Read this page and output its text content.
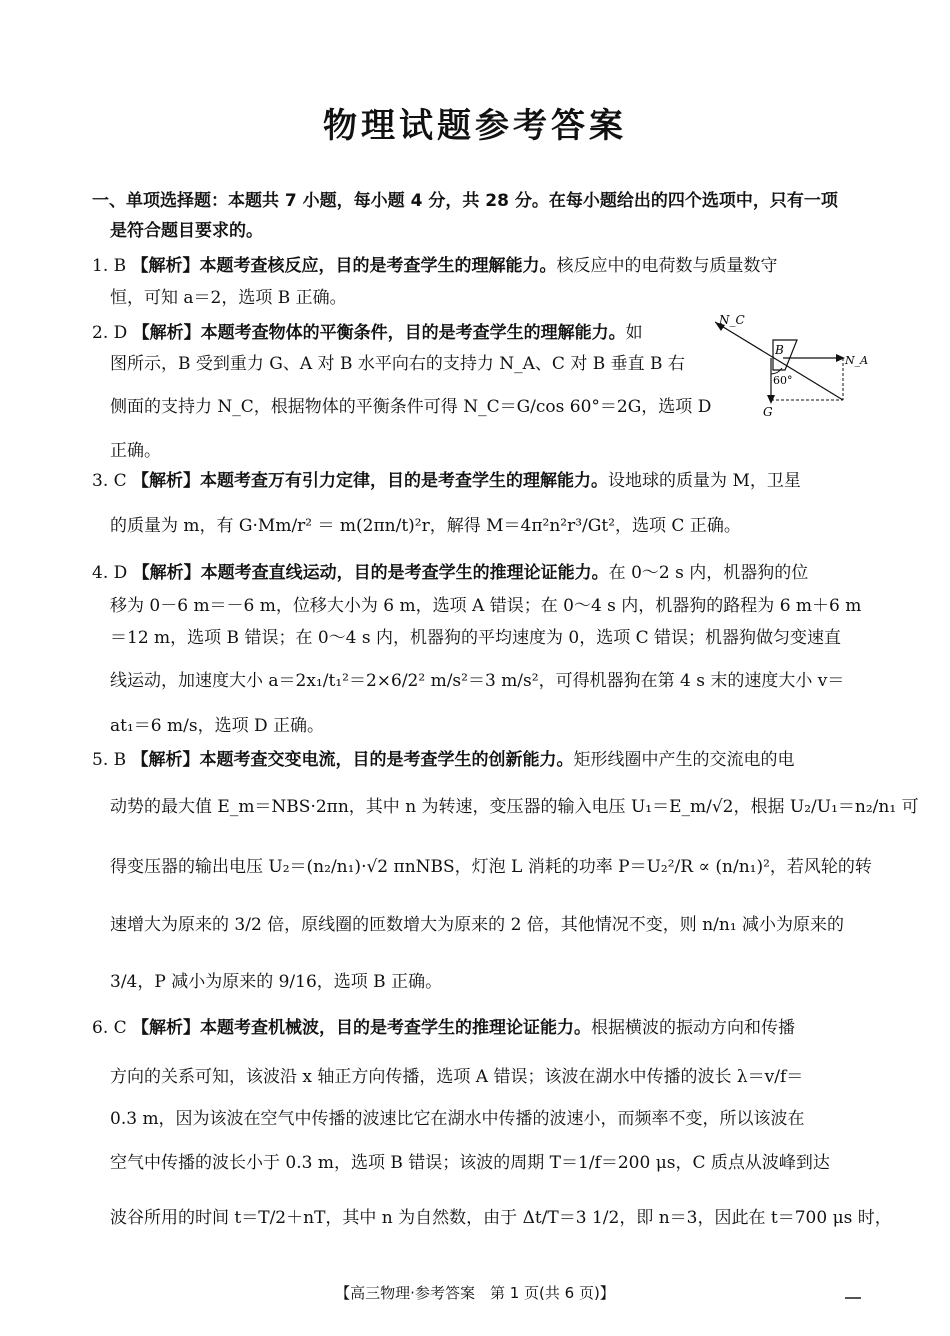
物理试题参考答案
一、单项选择题：本题共 7 小题，每小题 4 分，共 28 分。在每小题给出的四个选项中，只有一项
是符合题目要求的。
1. B 【解析】本题考查核反应，目的是考查学生的理解能力。核反应中的电荷数与质量数守
恒，可知 a＝2，选项 B 正确。
2. D 【解析】本题考查物体的平衡条件，目的是考查学生的理解能力。如
图所示，B 受到重力 G、A 对 B 水平向右的支持力 N_A、C 对 B 垂直 B 右
侧面的支持力 N_C，根据物体的平衡条件可得 N_C＝G/cos 60°＝2G，选项 D
正确。
N_C
B
N_A
60°
G
3. C 【解析】本题考查万有引力定律，目的是考查学生的理解能力。设地球的质量为 M，卫星
的质量为 m，有 G·Mm/r² ＝ m(2πn/t)²r，解得 M＝4π²n²r³/Gt²，选项 C 正确。
4. D 【解析】本题考查直线运动，目的是考查学生的推理论证能力。在 0～2 s 内，机器狗的位
移为 0－6 m＝－6 m，位移大小为 6 m，选项 A 错误；在 0～4 s 内，机器狗的路程为 6 m＋6 m
＝12 m，选项 B 错误；在 0～4 s 内，机器狗的平均速度为 0，选项 C 错误；机器狗做匀变速直
线运动，加速度大小 a＝2x₁/t₁²＝2×6/2² m/s²＝3 m/s²，可得机器狗在第 4 s 末的速度大小 v＝
at₁＝6 m/s，选项 D 正确。
5. B 【解析】本题考查交变电流，目的是考查学生的创新能力。矩形线圈中产生的交流电的电
动势的最大值 E_m＝NBS·2πn，其中 n 为转速，变压器的输入电压 U₁＝E_m/√2，根据 U₂/U₁＝n₂/n₁ 可
得变压器的输出电压 U₂＝(n₂/n₁)·√2 πnNBS，灯泡 L 消耗的功率 P＝U₂²/R ∝ (n/n₁)²，若风轮的转
速增大为原来的 3/2 倍，原线圈的匝数增大为原来的 2 倍，其他情况不变，则 n/n₁ 减小为原来的
3/4，P 减小为原来的 9/16，选项 B 正确。
6. C 【解析】本题考查机械波，目的是考查学生的推理论证能力。根据横波的振动方向和传播
方向的关系可知，该波沿 x 轴正方向传播，选项 A 错误；该波在湖水中传播的波长 λ＝v/f＝
0.3 m，因为该波在空气中传播的波速比它在湖水中传播的波速小，而频率不变，所以该波在
空气中传播的波长小于 0.3 m，选项 B 错误；该波的周期 T＝1/f＝200 μs，C 质点从波峰到达
波谷所用的时间 t＝T/2＋nT，其中 n 为自然数，由于 Δt/T＝3 1/2，即 n＝3，因此在 t＝700 μs 时，
【高三物理·参考答案　第 1 页(共 6 页)】
